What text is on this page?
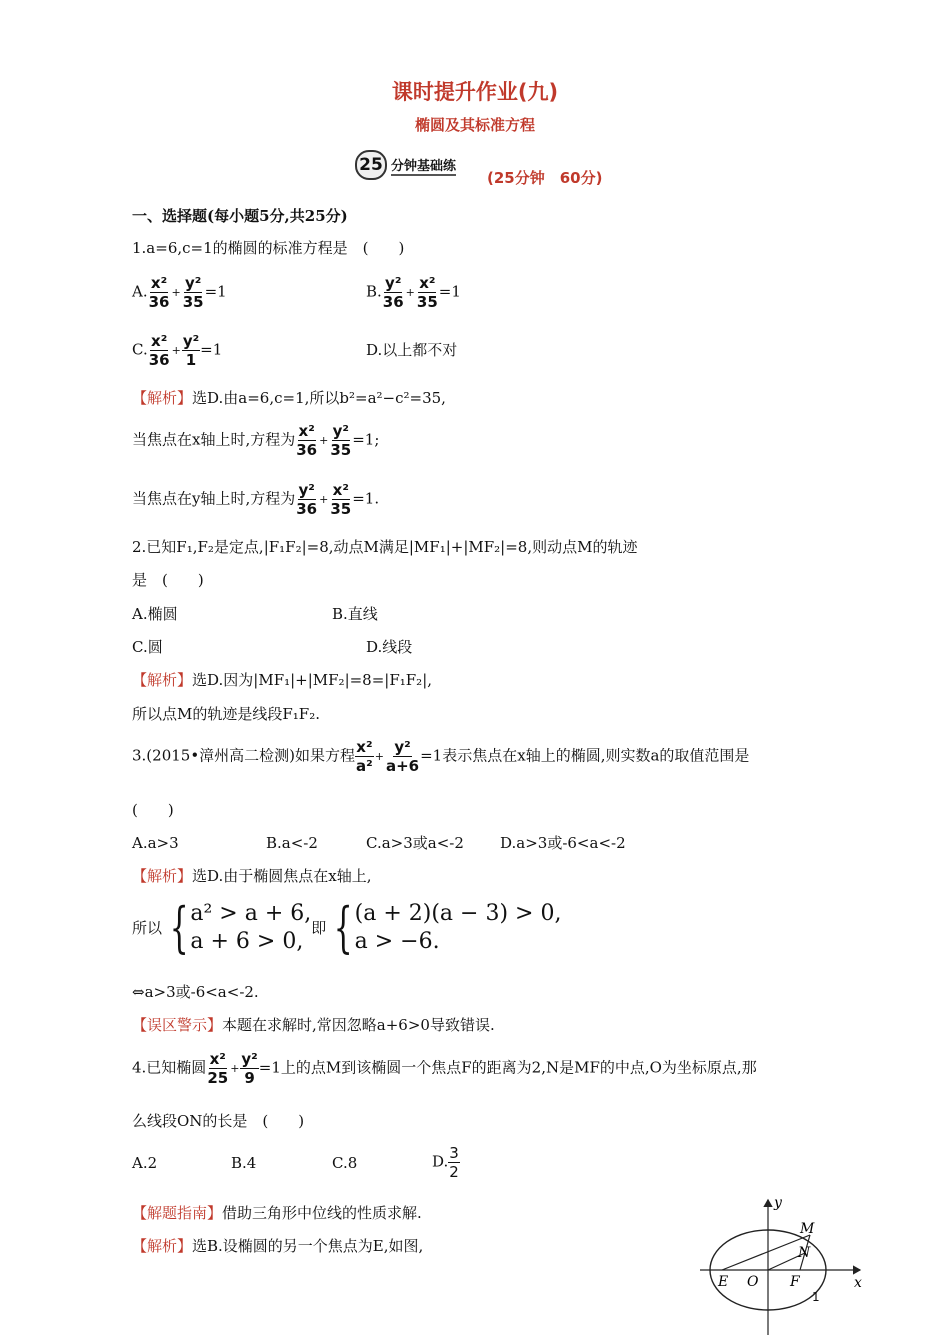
课时提升作业(九)
椭圆及其标准方程
25 分钟基础练
(25分钟　60分)
一、选择题(每小题5分,共25分)
1.a=6,c=1的椭圆的标准方程是　(　　)
A. $\frac{\text{x²}}{36} + \frac{\text{y²}}{35} =1$	B. $\frac{\text{y²}}{36} + \frac{\text{x²}}{35} =1$
C. $\frac{\text{x²}}{36} + \frac{\text{y²}}{1} =1$	D.以上都不对
【解析】选D.由a=6,c=1,所以b²=a²−c²=35,
当焦点在x轴上时,方程为 $\frac{\text{x²}}{36} + \frac{\text{y²}}{35} =1$;
当焦点在y轴上时,方程为 $\frac{\text{y²}}{36} + \frac{\text{x²}}{35} =1$.
2.已知F₁,F₂是定点,|F₁F₂|=8,动点M满足|MF₁|+|MF₂|=8,则动点M的轨迹
是　(　　)
A.椭圆	B.直线
C.圆	D.线段
【解析】选D.因为|MF₁|+|MF₂|=8=|F₁F₂|,
所以点M的轨迹是线段F₁F₂.
3.(2015•漳州高二检测)如果方程 $\frac{\text{x²}}{\text{a²}} + \frac{\text{y²}}{a+6} =1$表示焦点在x轴上的椭圆,则实数a的取值范围是
(　　)
A.a>3	B.a<-2	C.a>3或a<-2 D.a>3或-6<a<-2
【解析】选D.由于椭圆焦点在x轴上,
所以 { a² > a + 6,
a + 6 > 0,
即 { (a + 2)(a − 3) > 0,
a > −6.
⇔a>3或-6<a<-2.
【误区警示】本题在求解时,常因忽略a+6>0导致错误.
4.已知椭圆 $\frac{\text{x²}}{25} + \frac{\text{y²}}{9} =1$上的点M到该椭圆一个焦点F的距离为2,N是MF的中点,O为坐标原点,那
么线段ON的长是　(　　)
A.2	B.4	C.8	D. $\frac{3}{2}$
【解题指南】借助三角形中位线的性质求解.
【解析】选B.设椭圆的另一个焦点为E,如图,
y
x
M
N
E O F
1
